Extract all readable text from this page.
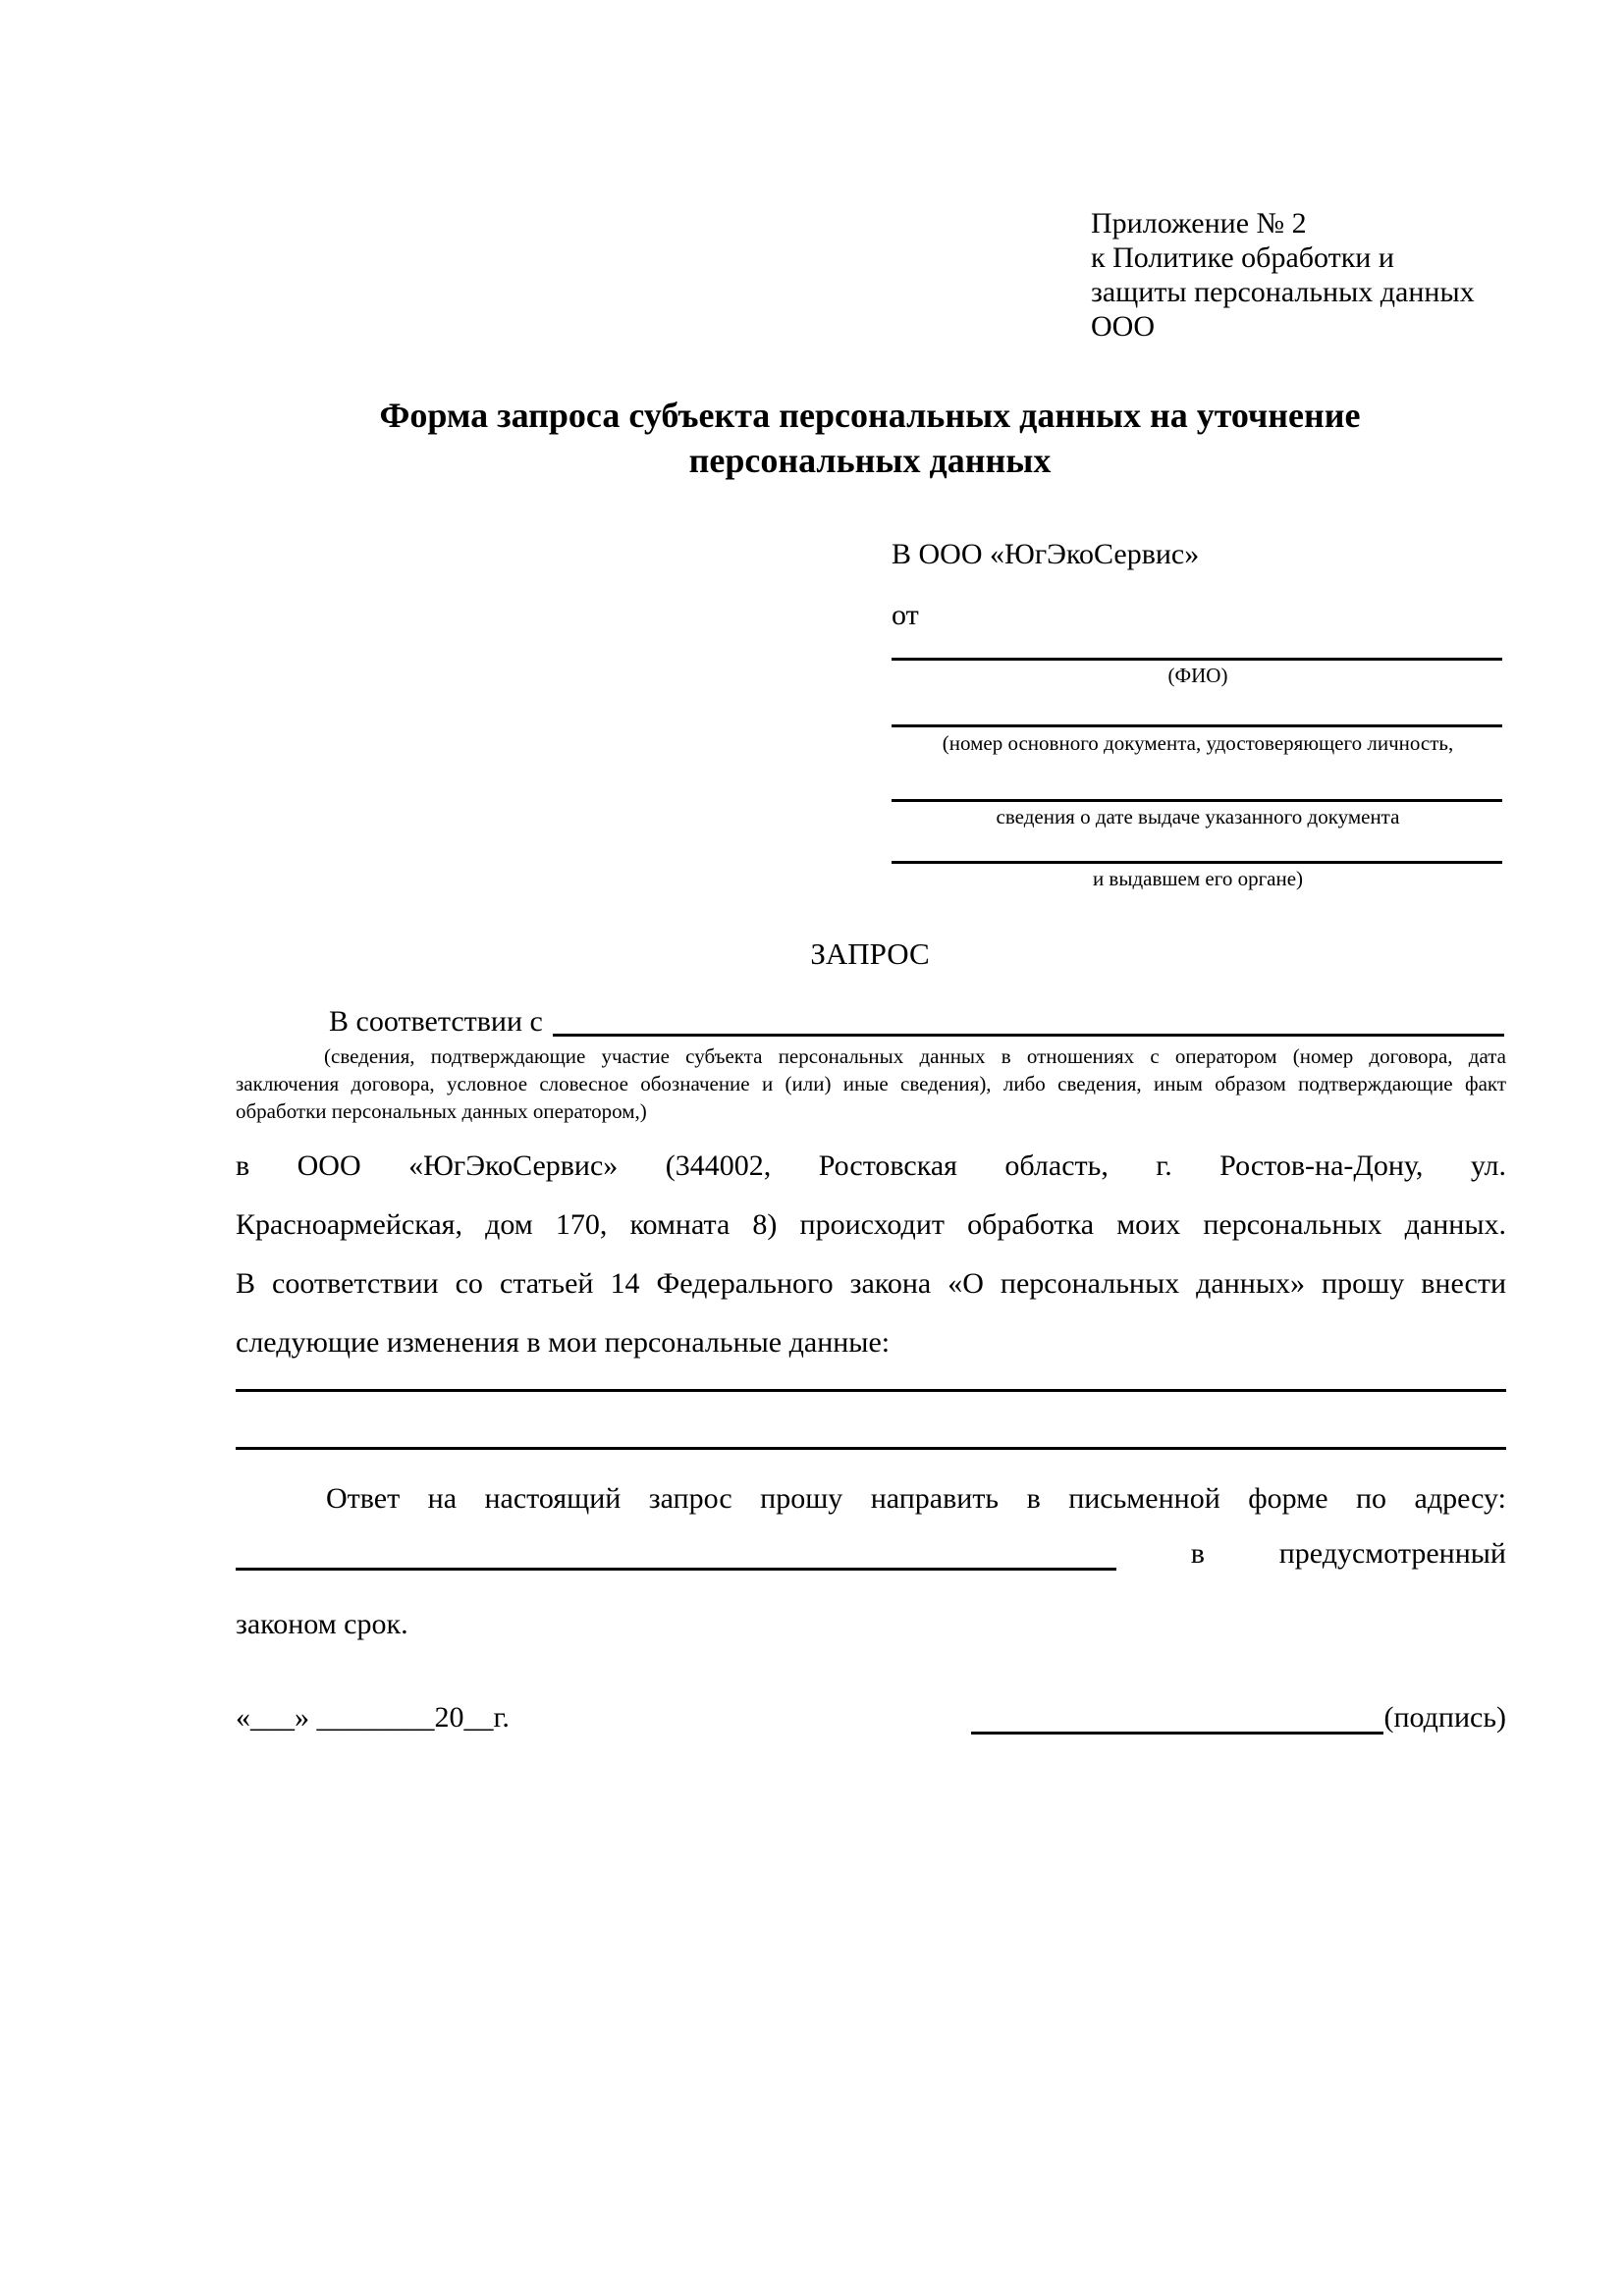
Приложение № 2
к Политике обработки и
защиты персональных данных
ООО
Форма запроса субъекта персональных данных на уточнение
персональных данных
В ООО «ЮгЭкоСервис»
от
(ФИО)
(номер основного документа, удостоверяющего личность,
сведения о дате выдаче указанного документа
и выдавшем его органе)
ЗАПРОС
В соответствии с
(сведения, подтверждающие участие субъекта персональных данных в отношениях с оператором (номер договора, дата
заключения договора, условное словесное обозначение и (или) иные сведения), либо сведения, иным образом подтверждающие факт
обработки персональных данных оператором,)
в ООО «ЮгЭкоСервис» (344002, Ростовская область, г. Ростов-на-Дону, ул.
Красноармейская, дом 170, комната 8) происходит обработка моих персональных данных.
В соответствии со статьей 14 Федерального закона «О персональных данных» прошу внести
следующие изменения в мои персональные данные:
Ответ на настоящий запрос прошу направить в письменной форме по адресу:
в	предусмотренный
законом срок.
«___» ________20__г.	(подпись)
